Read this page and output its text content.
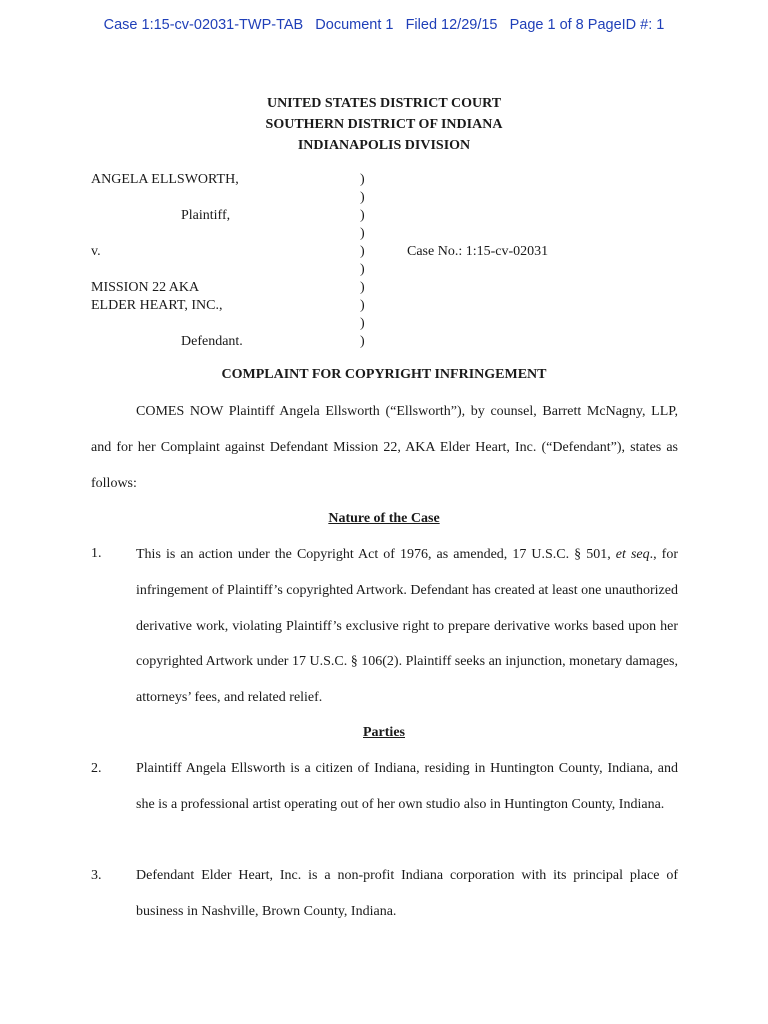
Case 1:15-cv-02031-TWP-TAB Document 1 Filed 12/29/15 Page 1 of 8 PageID #: 1
UNITED STATES DISTRICT COURT
SOUTHERN DISTRICT OF INDIANA
INDIANAPOLIS DIVISION
ANGELA ELLSWORTH,	)
)
Plaintiff,	)
)
v.	)	Case No.: 1:15-cv-02031
)
MISSION 22 AKA	)
ELDER HEART, INC.,	)
)
Defendant.	)
COMPLAINT FOR COPYRIGHT INFRINGEMENT

COMES NOW Plaintiff Angela Ellsworth (“Ellsworth”), by counsel, Barrett McNagny, LLP, and for her Complaint against Defendant Mission 22, AKA Elder Heart, Inc. (“Defendant”), states as follows:

Nature of the Case
1. This is an action under the Copyright Act of 1976, as amended, 17 U.S.C. § 501, et seq., for infringement of Plaintiff’s copyrighted Artwork. Defendant has created at least one unauthorized derivative work, violating Plaintiff’s exclusive right to prepare derivative works based upon her copyrighted Artwork under 17 U.S.C. § 106(2). Plaintiff seeks an injunction, monetary damages, attorneys’ fees, and related relief.

Parties
2. Plaintiff Angela Ellsworth is a citizen of Indiana, residing in Huntington County, Indiana, and she is a professional artist operating out of her own studio also in Huntington County, Indiana.

3. Defendant Elder Heart, Inc. is a non-profit Indiana corporation with its principal place of business in Nashville, Brown County, Indiana.
